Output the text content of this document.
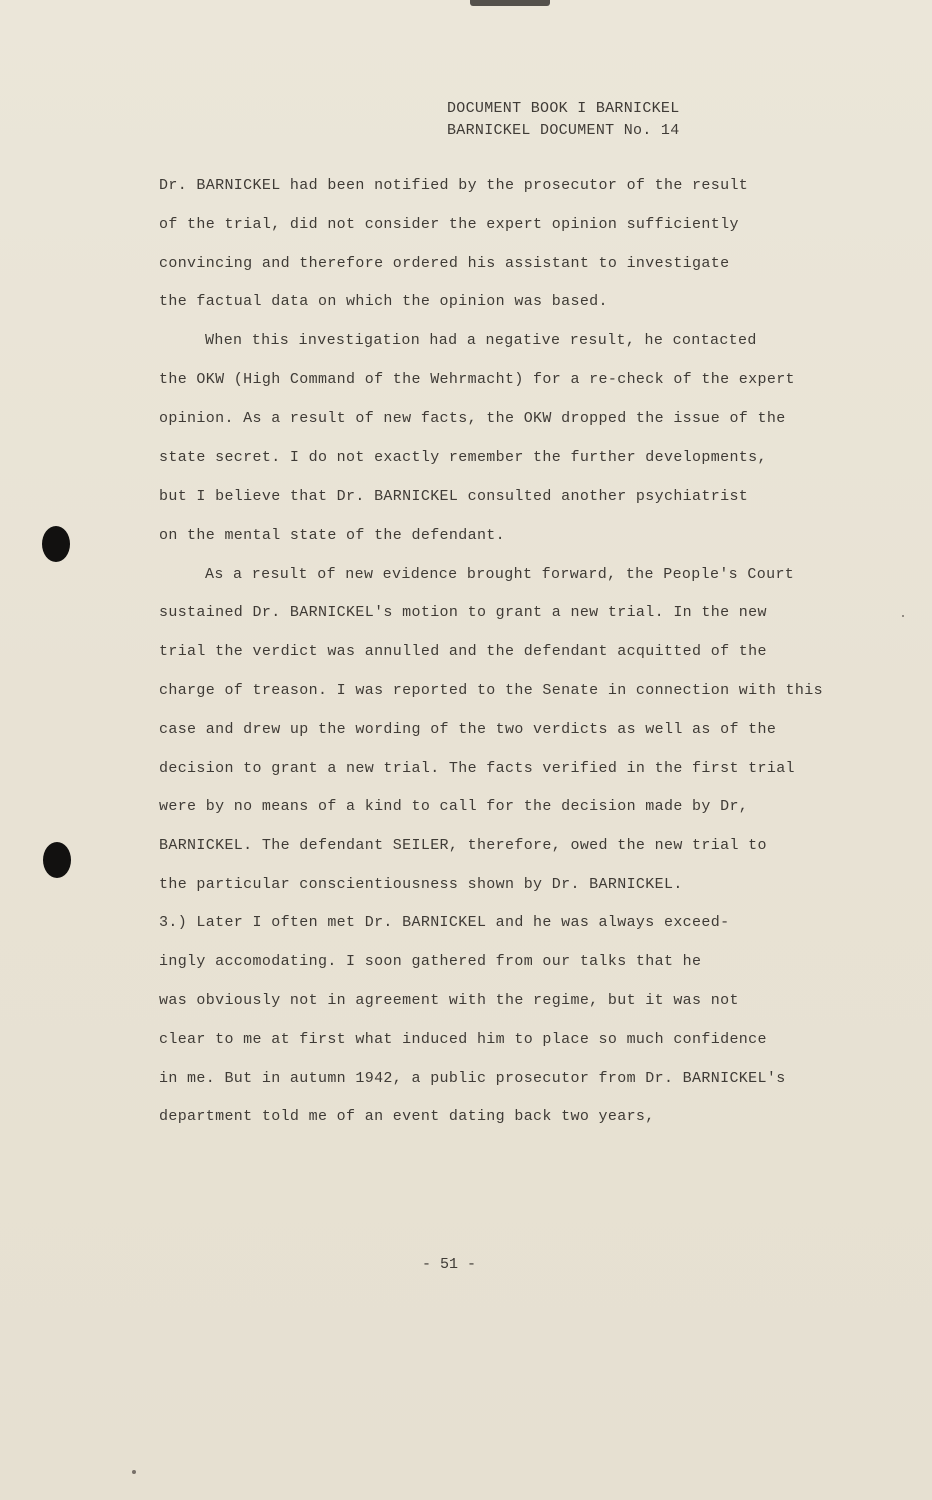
DOCUMENT BOOK I BARNICKEL
BARNICKEL DOCUMENT No. 14
Dr. BARNICKEL had been notified by the prosecutor of the result
of the trial, did not consider the expert opinion sufficiently
convincing and therefore ordered his assistant to investigate
the factual data on which the opinion was based.
When this investigation had a negative result, he contacted
the OKW (High Command of the Wehrmacht) for a re-check of the expert
opinion. As a result of new facts, the OKW dropped the issue of the
state secret. I do not exactly remember the further developments,
but I believe that Dr. BARNICKEL consulted another psychiatrist
on the mental state of the defendant.
As a result of new evidence brought forward, the People's Court
sustained Dr. BARNICKEL's motion to grant a new trial. In the new
trial the verdict was annulled and the defendant acquitted of the
charge of treason. I was reported to the Senate in connection with this
case and drew up the wording of the two verdicts as well as of the
decision to grant a new trial. The facts verified in the first trial
were by no means of a kind to call for the decision made by Dr,
BARNICKEL. The defendant SEILER, therefore, owed the new trial to
the particular conscientiousness shown by Dr. BARNICKEL.
3.) Later I often met Dr. BARNICKEL and he was always exceed-
ingly accomodating. I soon gathered from our talks that he
was obviously not in agreement with the regime, but it was not
clear to me at first what induced him to place so much confidence
in me. But in autumn 1942, a public prosecutor from Dr. BARNICKEL's
department told me of an event dating back two years,
- 51 -
